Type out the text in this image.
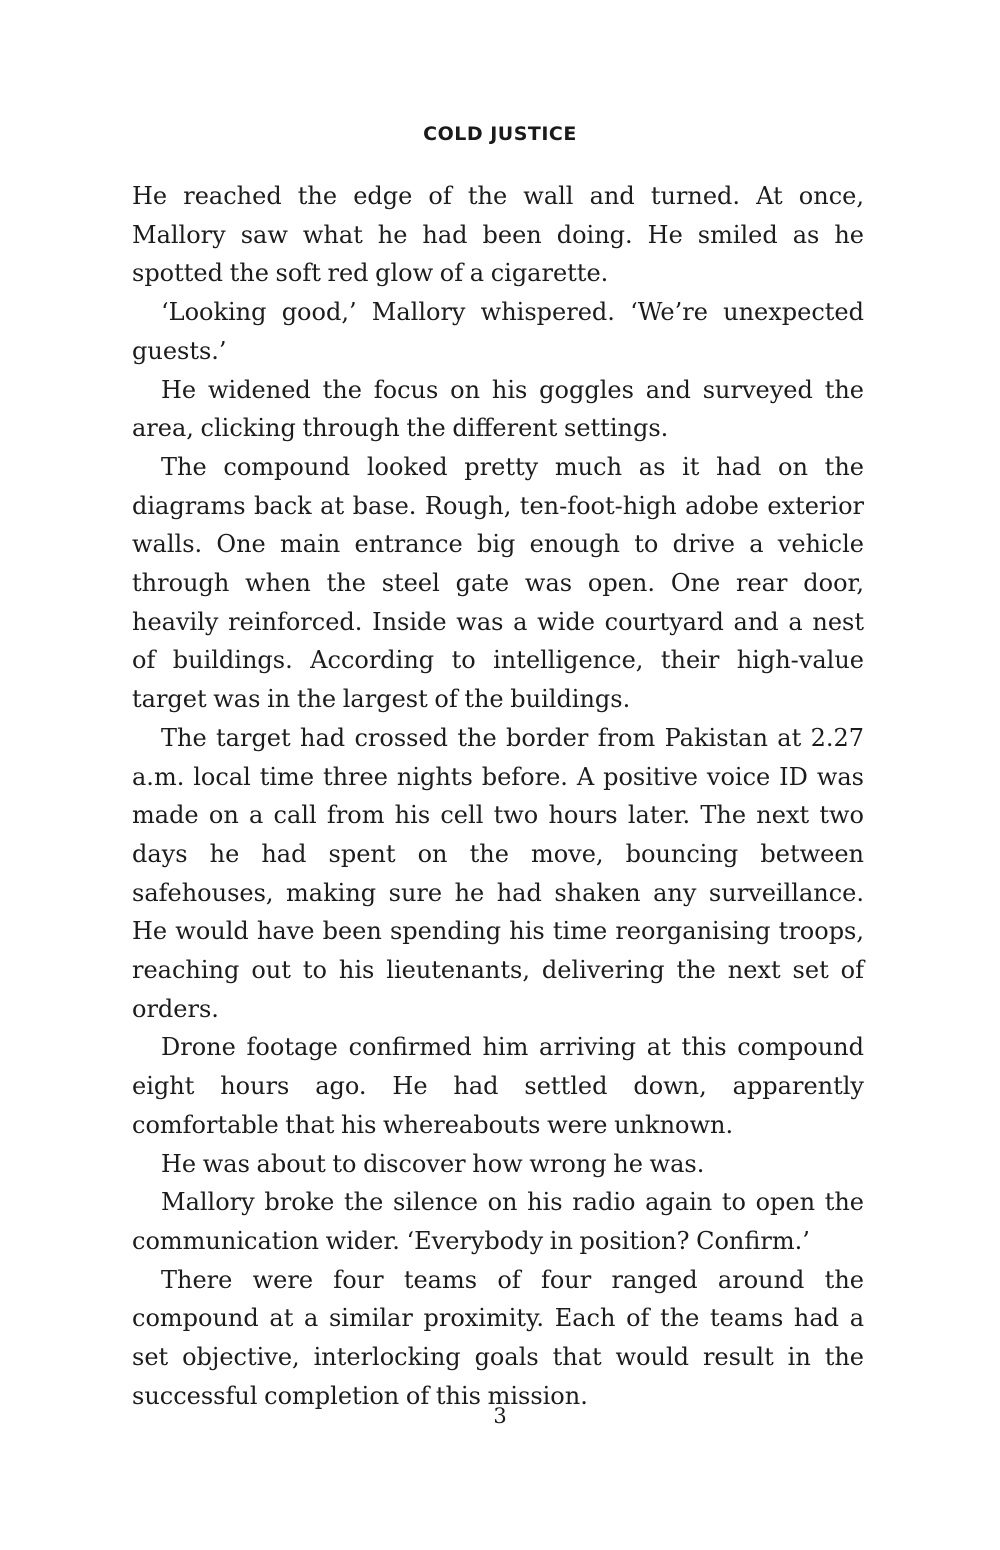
COLD JUSTICE

He reached the edge of the wall and turned. At once, Mallory saw what he had been doing. He smiled as he spotted the soft red glow of a cigarette.

‘Looking good,’ Mallory whispered. ‘We’re unexpected guests.’

He widened the focus on his goggles and surveyed the area, clicking through the different settings.

The compound looked pretty much as it had on the diagrams back at base. Rough, ten-foot-high adobe exterior walls. One main entrance big enough to drive a vehicle through when the steel gate was open. One rear door, heavily reinforced. Inside was a wide courtyard and a nest of buildings. According to intelligence, their high-value target was in the largest of the buildings.

The target had crossed the border from Pakistan at 2.27 a.m. local time three nights before. A positive voice ID was made on a call from his cell two hours later. The next two days he had spent on the move, bouncing between safehouses, making sure he had shaken any surveillance. He would have been spending his time reorganising troops, reaching out to his lieutenants, delivering the next set of orders.

Drone footage confirmed him arriving at this compound eight hours ago. He had settled down, apparently comfortable that his whereabouts were unknown.

He was about to discover how wrong he was.

Mallory broke the silence on his radio again to open the communication wider. ‘Everybody in position? Confirm.’

There were four teams of four ranged around the compound at a similar proximity. Each of the teams had a set objective, interlocking goals that would result in the successful completion of this mission.

3
